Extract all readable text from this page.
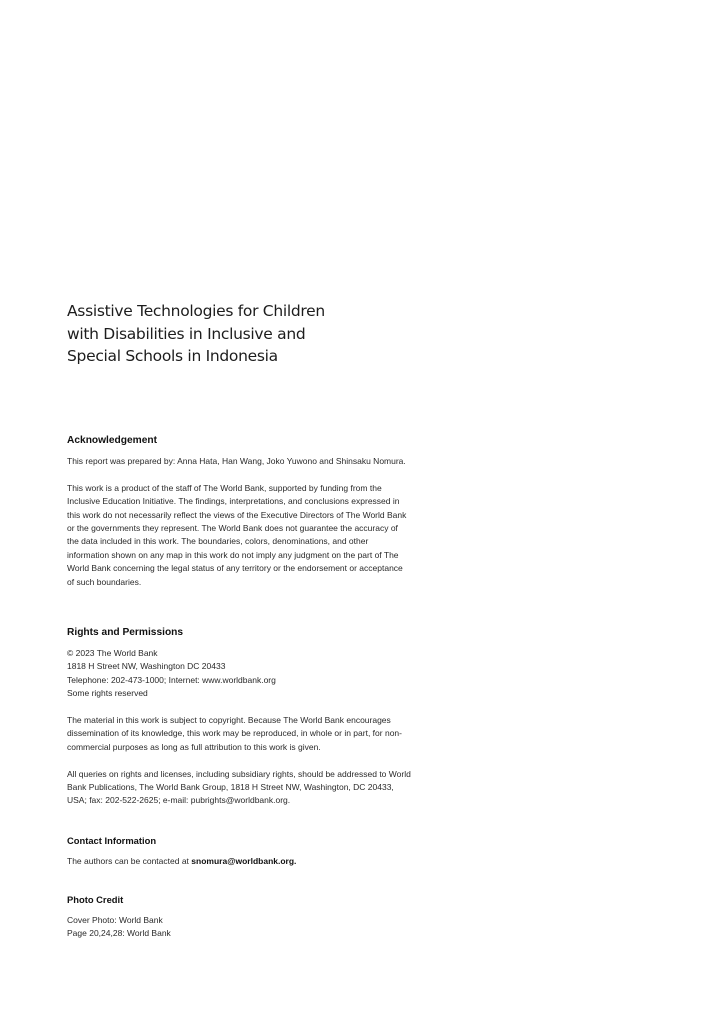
Assistive Technologies for Children
with Disabilities in Inclusive and
Special Schools in Indonesia
Acknowledgement

This report was prepared by: Anna Hata, Han Wang, Joko Yuwono and Shinsaku Nomura.

This work is a product of the staff of The World Bank, supported by funding from the Inclusive Education Initiative. The findings, interpretations, and conclusions expressed in this work do not necessarily reflect the views of the Executive Directors of The World Bank or the governments they represent. The World Bank does not guarantee the accuracy of the data included in this work. The boundaries, colors, denominations, and other information shown on any map in this work do not imply any judgment on the part of The World Bank concerning the legal status of any territory or the endorsement or acceptance of such boundaries.

Rights and Permissions

© 2023 The World Bank
1818 H Street NW, Washington DC 20433
Telephone: 202-473-1000; Internet: www.worldbank.org
Some rights reserved

The material in this work is subject to copyright. Because The World Bank encourages dissemination of its knowledge, this work may be reproduced, in whole or in part, for non-commercial purposes as long as full attribution to this work is given.

All queries on rights and licenses, including subsidiary rights, should be addressed to World Bank Publications, The World Bank Group, 1818 H Street NW, Washington, DC 20433, USA; fax: 202-522-2625; e-mail: pubrights@worldbank.org.

Contact Information

The authors can be contacted at snomura@worldbank.org.

Photo Credit

Cover Photo: World Bank
Page 20,24,28: World Bank
